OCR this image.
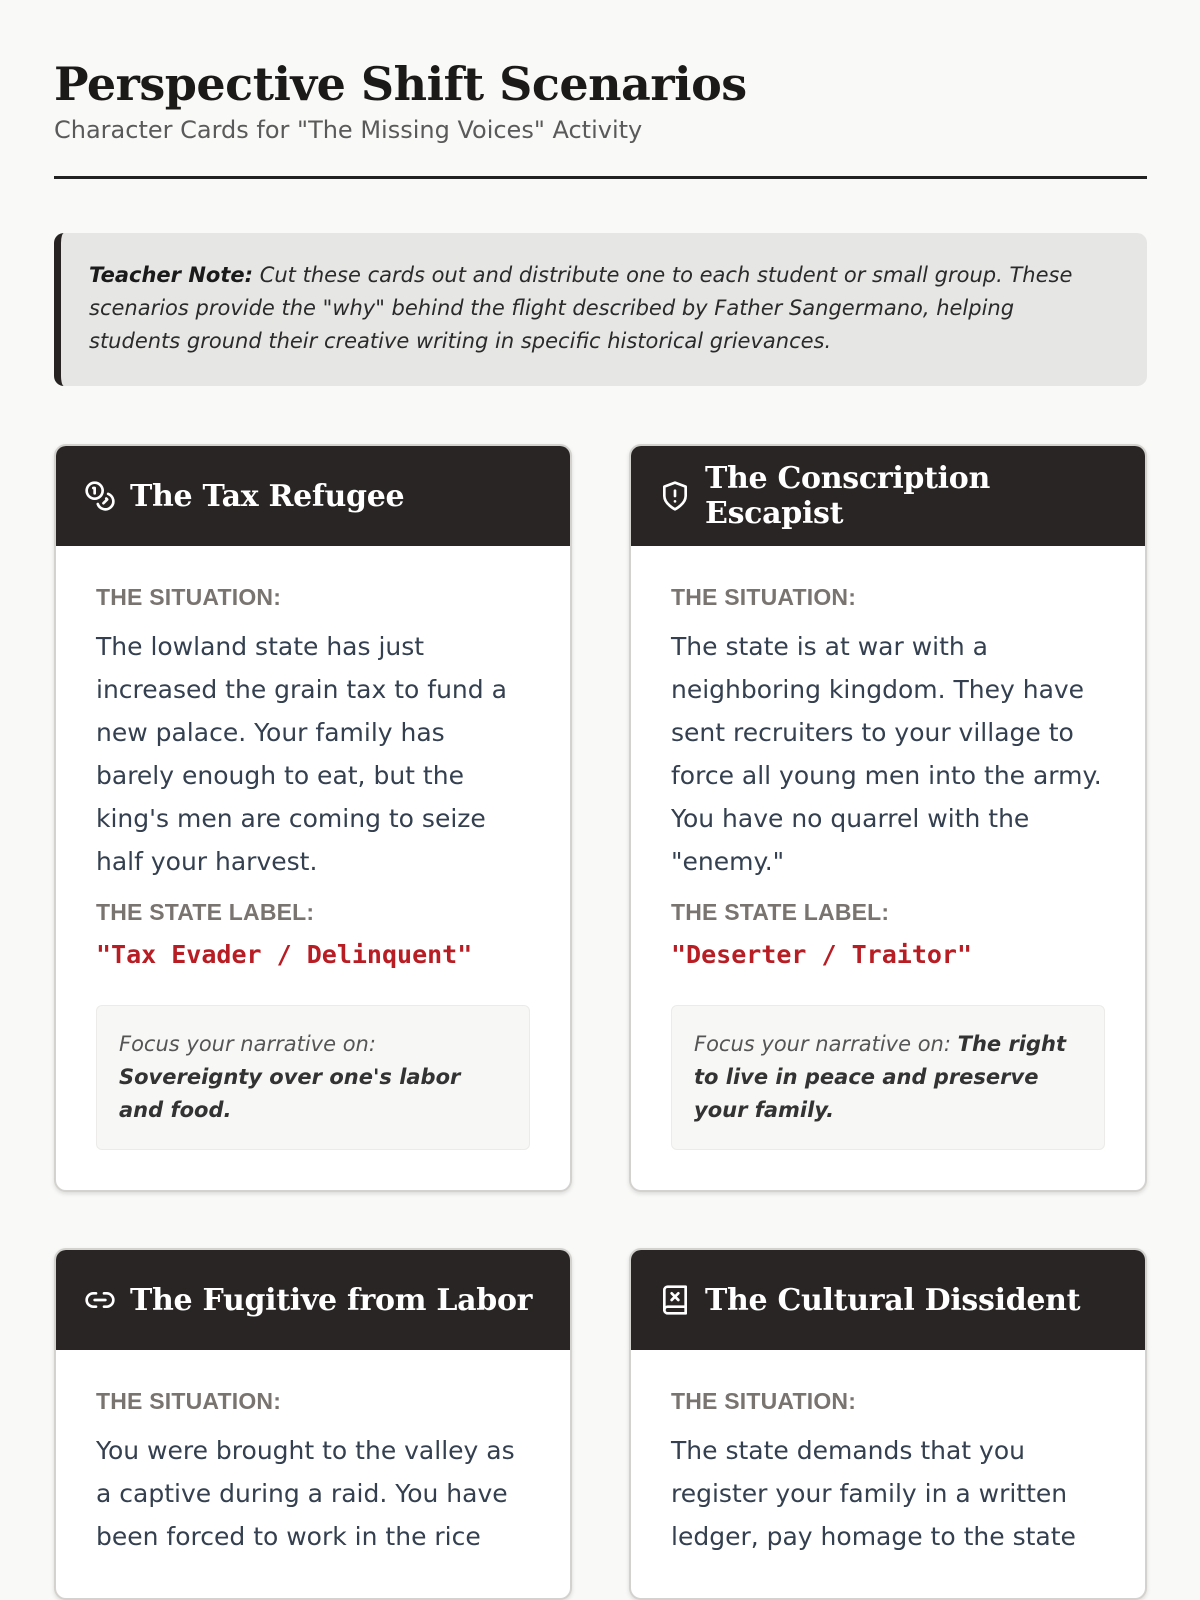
Perspective Shift Scenarios
Character Cards for "The Missing Voices" Activity
Teacher Note: Cut these cards out and distribute one to each student or small group. These scenarios provide the "why" behind the flight described by Father Sangermano, helping students ground their creative writing in specific historical grievances.
The Tax Refugee
THE SITUATION:
The lowland state has just increased the grain tax to fund a new palace. Your family has barely enough to eat, but the king's men are coming to seize half your harvest.
THE STATE LABEL:
"Tax Evader / Delinquent"
Focus your narrative on: Sovereignty over one's labor and food.
The Conscription Escapist
THE SITUATION:
The state is at war with a neighboring kingdom. They have sent recruiters to your village to force all young men into the army. You have no quarrel with the "enemy."
THE STATE LABEL:
"Deserter / Traitor"
Focus your narrative on: The right to live in peace and preserve your family.
The Fugitive from Labor
THE SITUATION:
You were brought to the valley as a captive during a raid. You have been forced to work in the rice
The Cultural Dissident
THE SITUATION:
The state demands that you register your family in a written ledger, pay homage to the state
